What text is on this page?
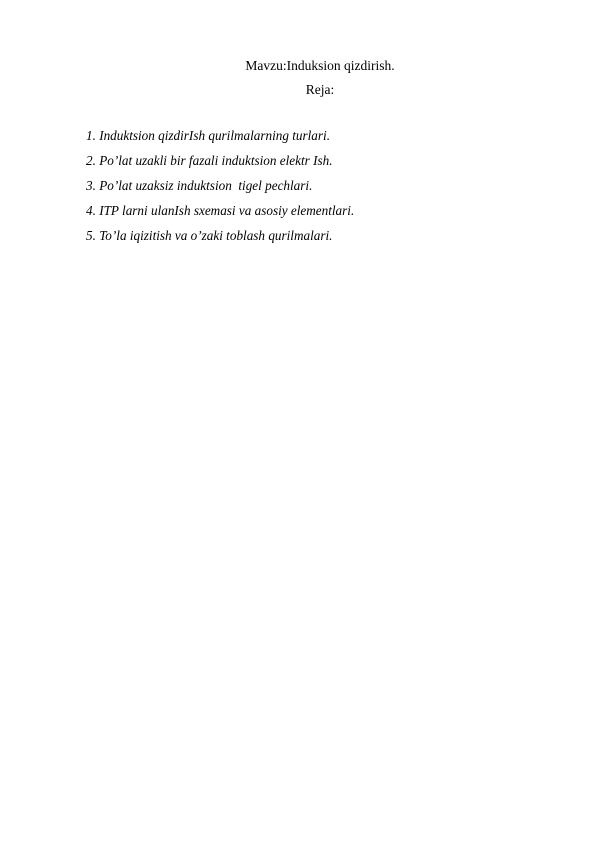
Mavzu:Induksion qizdirish.
Reja:
1. Induktsion qizdirIsh qurilmalarning turlari.
2. Po’lat uzakli bir fazali induktsion elektr Ish.
3. Po’lat uzaksiz induktsion  tigel pechlari.
4. ITP larni ulanIsh sxemasi va asosiy elementlari.
5. To’la iqizitish va o’zaki toblash qurilmalari.
